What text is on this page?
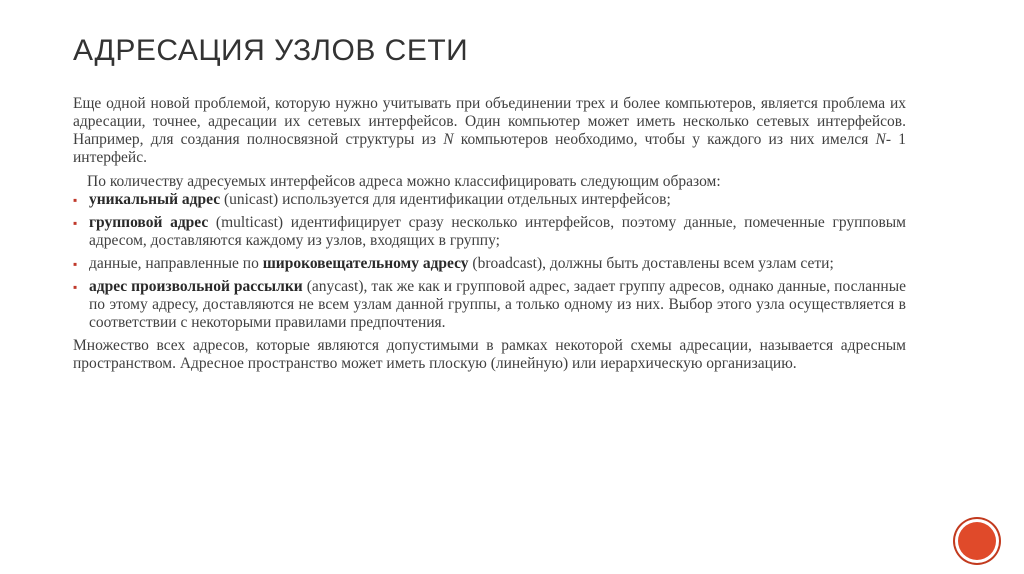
АДРЕСАЦИЯ УЗЛОВ СЕТИ

Еще одной новой проблемой, которую нужно учитывать при объединении трех и более компьютеров, является проблема их адресации, точнее, адресации их сетевых интерфейсов. Один компьютер может иметь несколько сетевых интерфейсов. Например, для создания полносвязной структуры из N компьютеров необходимо, чтобы у каждого из них имелся N- 1 интерфейс.

По количеству адресуемых интерфейсов адреса можно классифицировать следующим образом:

▪ уникальный адрес (unicast) используется для идентификации отдельных интерфейсов;
▪ групповой адрес (multicast) идентифицирует сразу несколько интерфейсов, поэтому данные, помеченные групповым адресом, доставляются каждому из узлов, входящих в группу;
▪ данные, направленные по широковещательному адресу (broadcast), должны быть доставлены всем узлам сети;
▪ адрес произвольной рассылки (anycast), так же как и групповой адрес, задает группу адресов, однако данные, посланные по этому адресу, доставляются не всем узлам данной группы, а только одному из них. Выбор этого узла осуществляется в соответствии с некоторыми правилами предпочтения.

Множество всех адресов, которые являются допустимыми в рамках некоторой схемы адресации, называется адресным пространством. Адресное пространство может иметь плоскую (линейную) или иерархическую организацию.
